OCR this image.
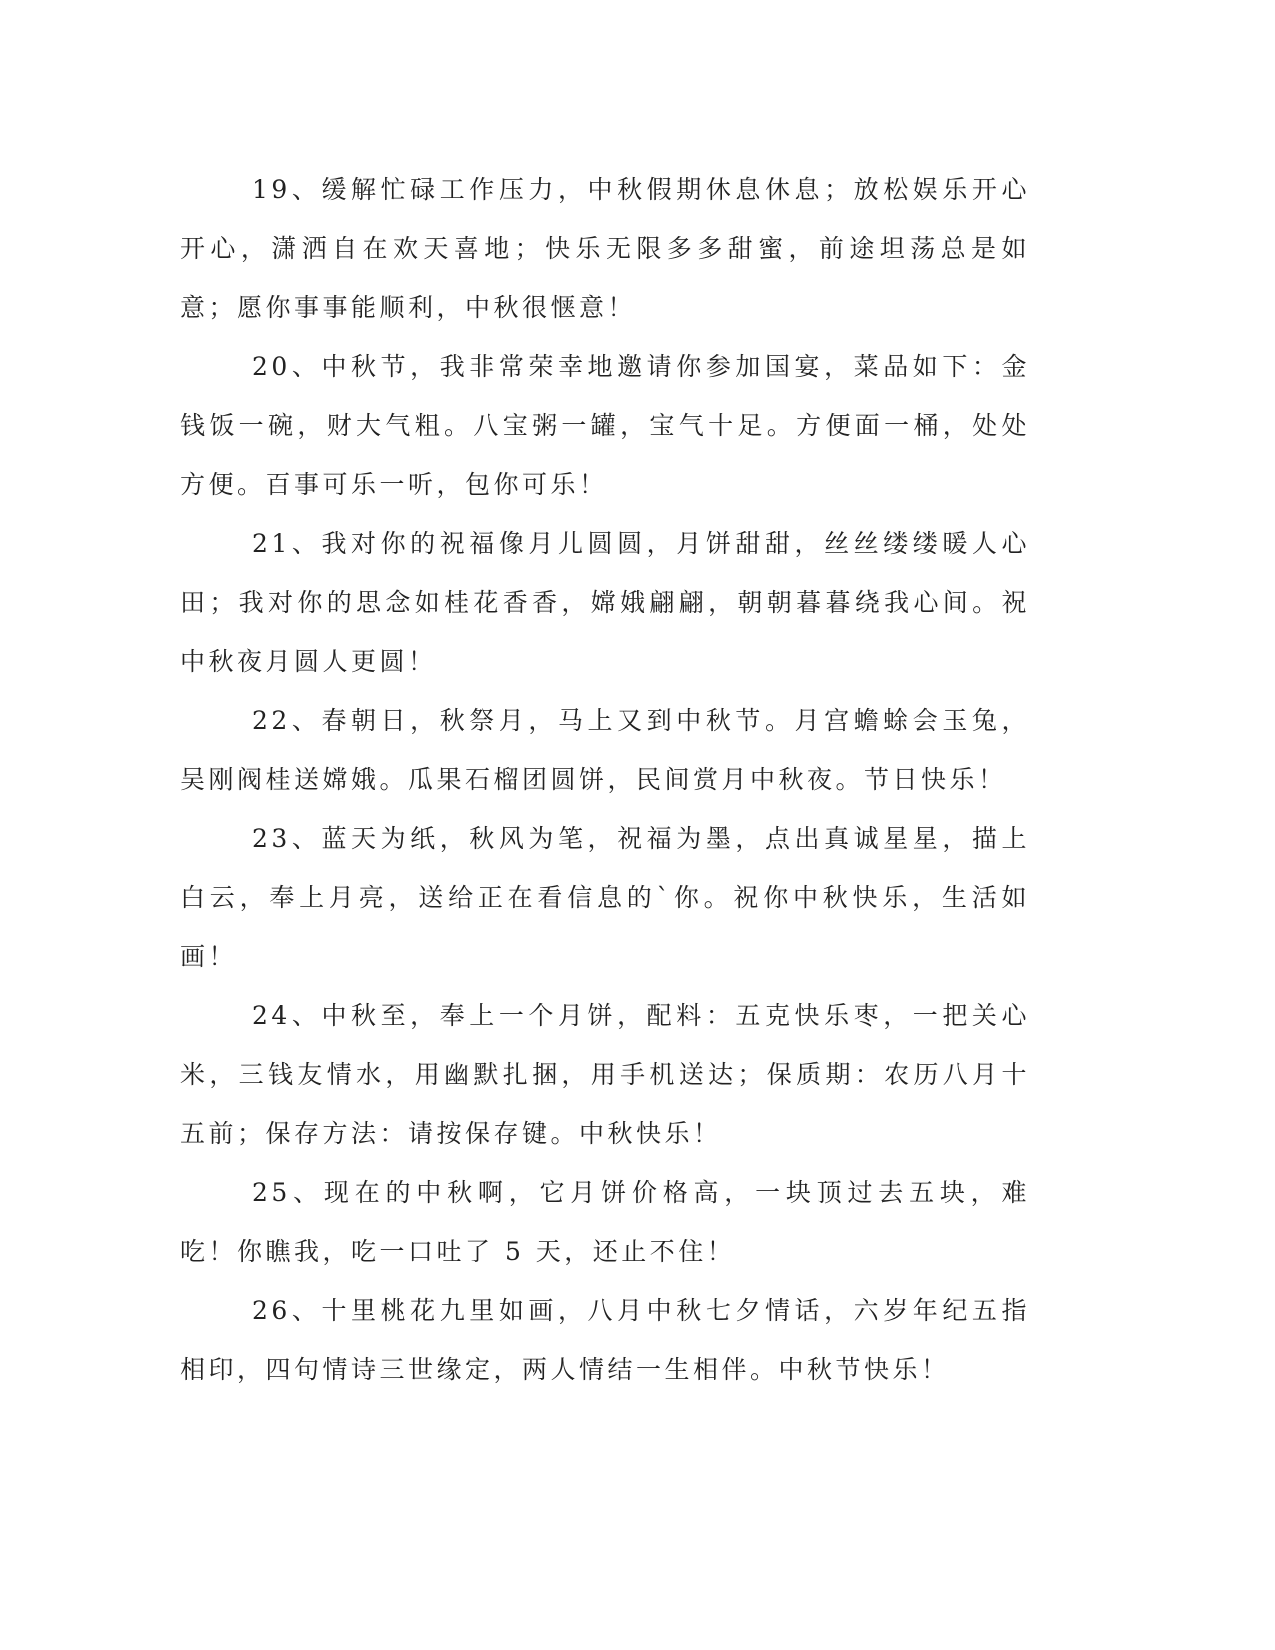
19、缓解忙碌工作压力，中秋假期休息休息；放松娱乐开心开心，潇洒自在欢天喜地；快乐无限多多甜蜜，前途坦荡总是如意；愿你事事能顺利，中秋很惬意！

20、中秋节，我非常荣幸地邀请你参加国宴，菜品如下：金钱饭一碗，财大气粗。八宝粥一罐，宝气十足。方便面一桶，处处方便。百事可乐一听，包你可乐！

21、我对你的祝福像月儿圆圆，月饼甜甜，丝丝缕缕暖人心田；我对你的思念如桂花香香，嫦娥翩翩，朝朝暮暮绕我心间。祝中秋夜月圆人更圆！

22、春朝日，秋祭月，马上又到中秋节。月宫蟾蜍会玉兔，吴刚阀桂送嫦娥。瓜果石榴团圆饼，民间赏月中秋夜。节日快乐！

23、蓝天为纸，秋风为笔，祝福为墨，点出真诚星星，描上白云，奉上月亮，送给正在看信息的`你。祝你中秋快乐，生活如画！

24、中秋至，奉上一个月饼，配料：五克快乐枣，一把关心米，三钱友情水，用幽默扎捆，用手机送达；保质期：农历八月十五前；保存方法：请按保存键。中秋快乐！

25、现在的中秋啊，它月饼价格高，一块顶过去五块，难吃！你瞧我，吃一口吐了 5 天，还止不住！

26、十里桃花九里如画，八月中秋七夕情话，六岁年纪五指相印，四句情诗三世缘定，两人情结一生相伴。中秋节快乐！
